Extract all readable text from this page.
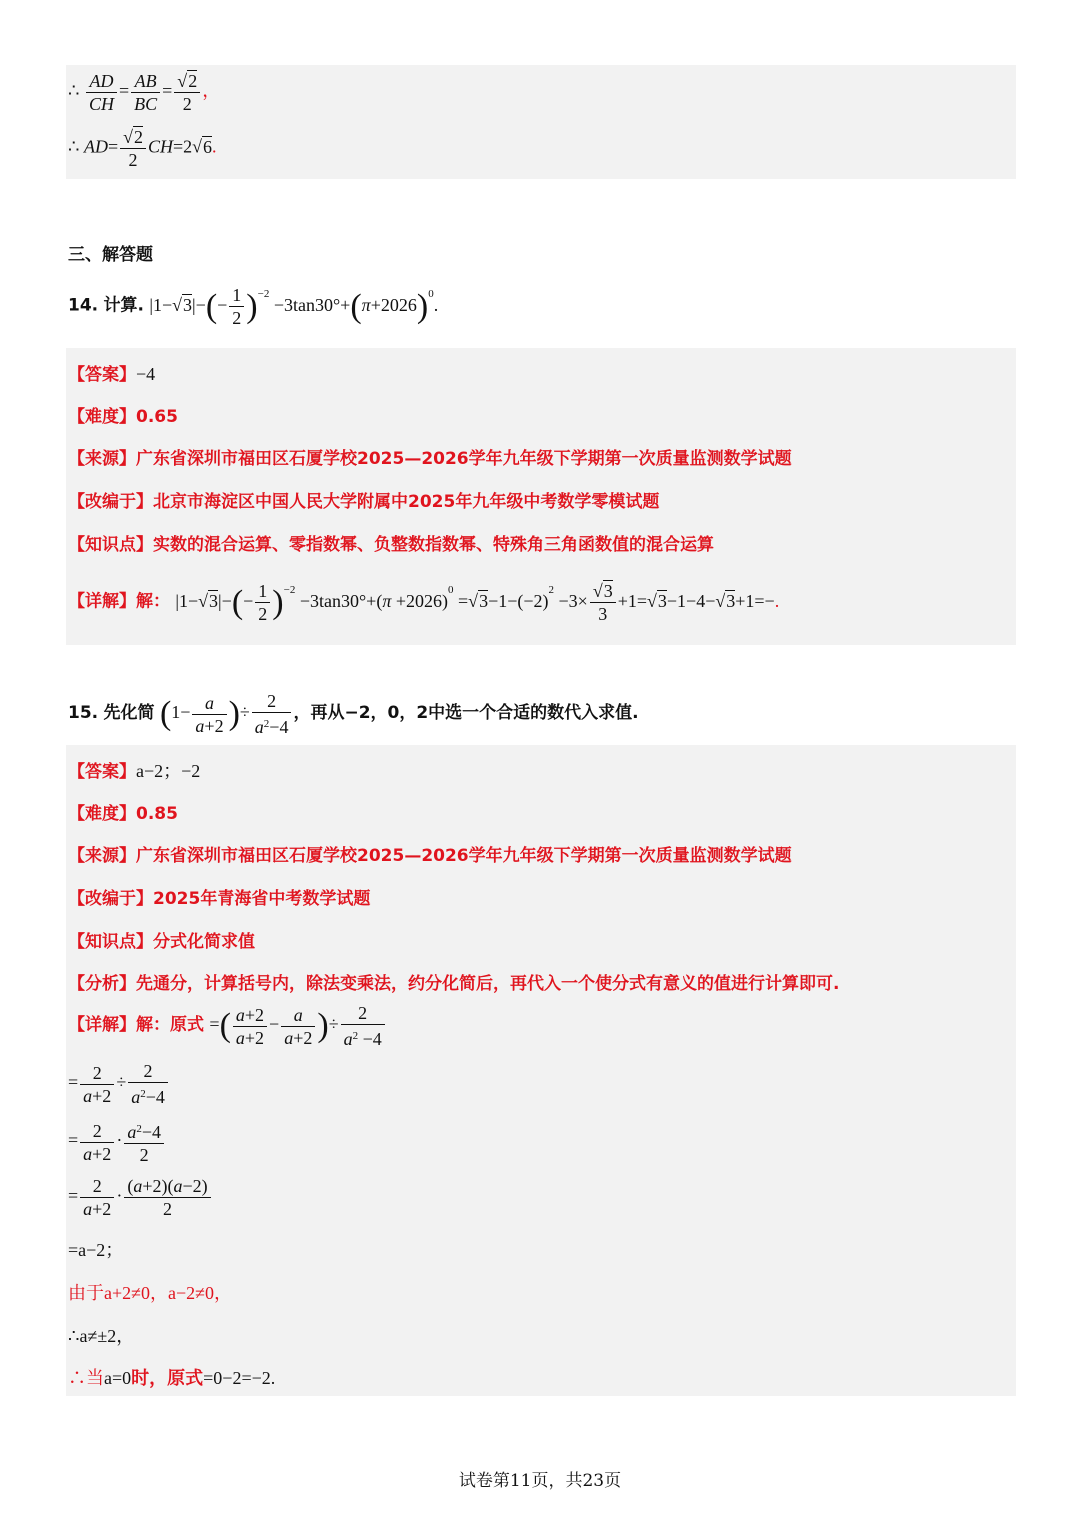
∴ $\frac{AD}{CH} = \frac{AB}{BC} = \frac{√2}{2}$ ，
∴ $AD= \frac{√2}{2} CH=2√6$.
三、解答题
14. 计算. $|1-√3|-(- \frac{1}{2} )^{-2} -3\tan 30^\circ+(\pi+2026)^0$.
【答案】−4
【难度】0.65
【来源】广东省深圳市福田区石厦学校2025—2026学年九年级下学期第一次质量监测数学试题
【改编于】北京市海淀区中国人民大学附属中2025年九年级中考数学零模试题
【知识点】实数的混合运算、零指数幂、负整数指数幂、特殊角三角函数值的混合运算
【详解】解： $|1-√3|-(- \frac{1}{2} )^{-2} -3\tan 30^\circ+(\pi +2026)^0 =√3-1-(-2)^2 -3\times \frac{√3}{3} +1=√3-1-4-√3+1=-$.
15. 先化简 ($1- \frac{a}{a+2}$ )÷ $\frac{2}{a^2-4}$ ，再从−2，0，2中选一个合适的数代入求值.
【答案】a−2；−2
【难度】0.85
【来源】广东省深圳市福田区石厦学校2025—2026学年九年级下学期第一次质量监测数学试题
【改编于】2025年青海省中考数学试题
【知识点】分式化简求值
【分析】先通分，计算括号内，除法变乘法，约分化简后，再代入一个使分式有意义的值进行计算即可.
【详解】解：原式 =( $\frac{a+2}{a+2} - \frac{a}{a+2}$ )÷ $\frac{2}{a^2 -4}$
= $\frac{2}{a+2} \div \frac{2}{a^2-4}$
= $\frac{2}{a+2} \cdot \frac{a^2-4}{2}$
= $\frac{2}{a+2} \cdot \frac{(a+2)(a-2)}{2}$
=a−2；
由于a+2≠0，a−2≠0，
∴a≠±2，
∴当a=0时，原式=0−2=−2.
试卷第11页，共23页
